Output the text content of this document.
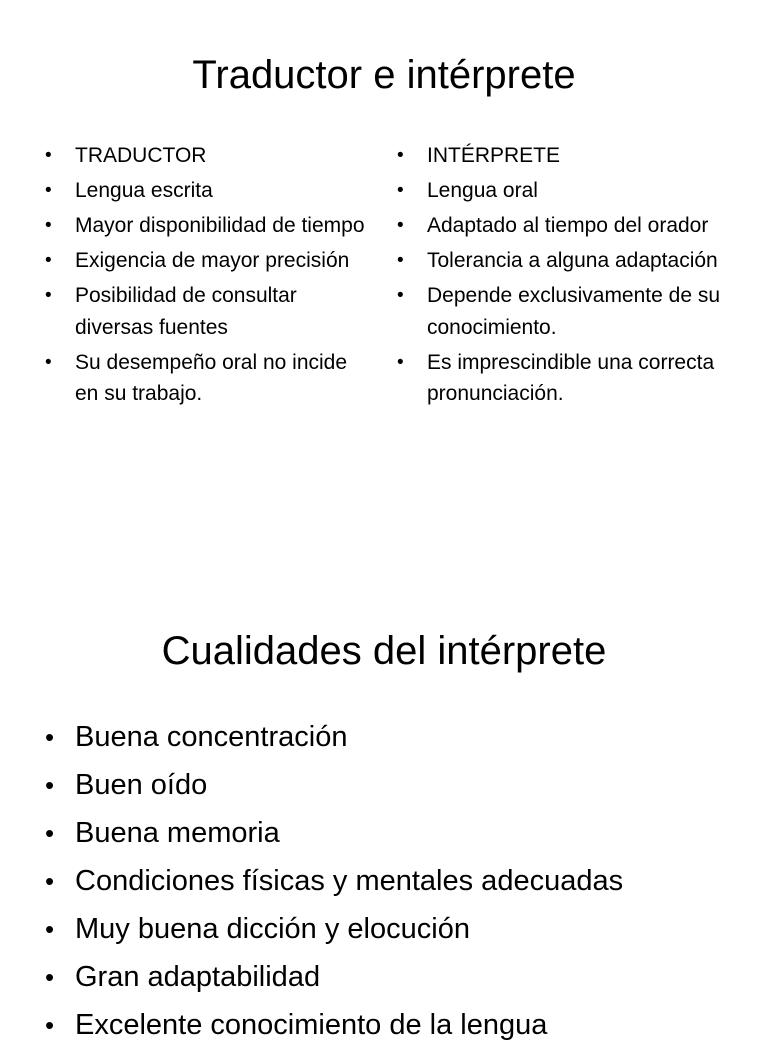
Traductor e intérprete
• TRADUCTOR
• Lengua escrita
• Mayor disponibilidad de tiempo
• Exigencia de mayor precisión
• Posibilidad de consultar diversas fuentes
• Su desempeño oral no incide en su trabajo.
• INTÉRPRETE
• Lengua oral
• Adaptado al tiempo del orador
• Tolerancia a alguna adaptación
• Depende exclusivamente de su conocimiento.
• Es imprescindible una correcta pronunciación.
Cualidades del intérprete
• Buena concentración
• Buen oído
• Buena memoria
• Condiciones físicas y mentales adecuadas
• Muy buena dicción y elocución
• Gran adaptabilidad
• Excelente conocimiento de la lengua
